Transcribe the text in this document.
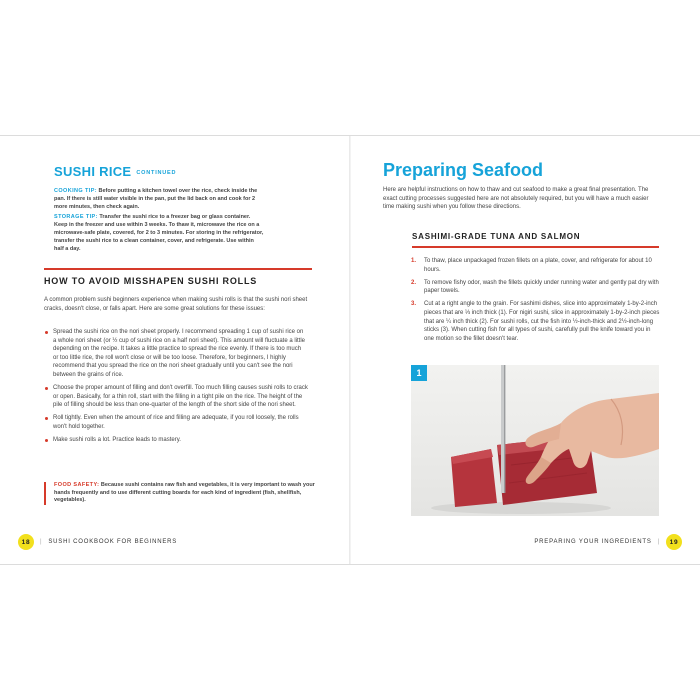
SUSHI RICE CONTINUED
COOKING TIP: Before putting a kitchen towel over the rice, check inside the pan. If there is still water visible in the pan, put the lid back on and cook for 2 more minutes, then check again.
STORAGE TIP: Transfer the sushi rice to a freezer bag or glass container. Keep in the freezer and use within 3 weeks. To thaw it, microwave the rice on a microwave-safe plate, covered, for 2 to 3 minutes. For storing in the refrigerator, transfer the sushi rice to a clean container, cover, and refrigerate. Use within half a day.
HOW TO AVOID MISSHAPEN SUSHI ROLLS
A common problem sushi beginners experience when making sushi rolls is that the sushi nori sheet cracks, doesn't close, or falls apart. Here are some great solutions for these issues:
Spread the sushi rice on the nori sheet properly. I recommend spreading 1 cup of sushi rice on a whole nori sheet (or ½ cup of sushi rice on a half nori sheet). This amount will fluctuate a little depending on the recipe. It takes a little practice to spread the rice evenly. If there is too much or too little rice, the roll won't close or will be too loose. Therefore, for beginners, I highly recommend that you spread the rice on the nori sheet gradually until you can't see the nori between the grains of rice.
Choose the proper amount of filling and don't overfill. Too much filling causes sushi rolls to crack or open. Basically, for a thin roll, start with the filling in a tight pile on the rice. The height of the pile of filling should be less than one-quarter of the length of the short side of the nori sheet.
Roll tightly. Even when the amount of rice and filling are adequate, if you roll loosely, the rolls won't hold together.
Make sushi rolls a lot. Practice leads to mastery.
FOOD SAFETY: Because sushi contains raw fish and vegetables, it is very important to wash your hands frequently and to use different cutting boards for each kind of ingredient (fish, shellfish, vegetables).
18	| SUSHI COOKBOOK FOR BEGINNERS
Preparing Seafood
Here are helpful instructions on how to thaw and cut seafood to make a great final presentation. The exact cutting processes suggested here are not absolutely required, but you will have a much easier time making sushi when you follow these directions.
SASHIMI-GRADE TUNA AND SALMON
1. To thaw, place unpackaged frozen fillets on a plate, cover, and refrigerate for about 10 hours.
2. To remove fishy odor, wash the fillets quickly under running water and gently pat dry with paper towels.
3. Cut at a right angle to the grain. For sashimi dishes, slice into approximately 1-by-2-inch pieces that are ⅓ inch thick (1). For nigiri sushi, slice in approximately 1-by-2-inch pieces that are ¼ inch thick (2). For sushi rolls, cut the fish into ½-inch-thick and 2½-inch-long sticks (3). When cutting fish for all types of sushi, carefully pull the knife toward you in one motion so the fillet doesn't tear.
1
PREPARING YOUR INGREDIENTS |	19
